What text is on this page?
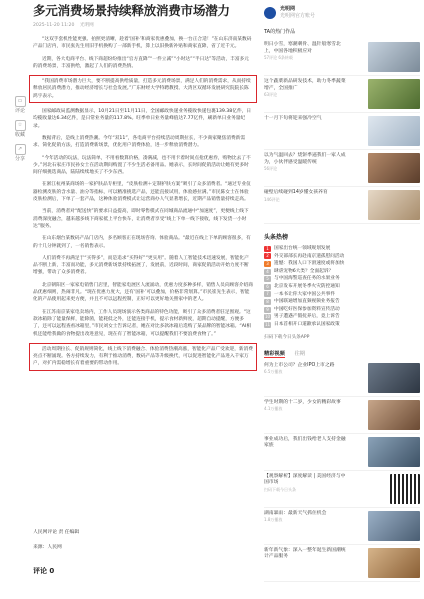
多元消费场景持续释放消费市场潜力
2025-11-20 11:20 光明网
▭
评论
☆
收藏
↗
分享

“这双手套机性能更强、拍照更清晰，趁着‘国补’和商家优惠叠加，换一台正合适！”在山东济南某数码产品门店内，市民张先生用旧手机换购了一部新手机，算上以旧换新补贴和商家直降，省了近千元。

近期，各大电商平台、线下商超纷纷推出“官方直降”“一件立减”“小时达”“半日达”等活动，丰富多元的消费场景，丰富供给，激起了人们的消费热情。

“我国消费市场潜力巨大，要不断提高供给质量，打造多元消费场景，满足人们的消费需求，从而持续释放居民消费潜力，推动经济增长与社会发展。”广东财经大学特聘教授、大湾区双循环发展研究院院长陈鸿宇表示。

国家邮政局监测数据显示，10月21日至11月11日，全国邮政快递业务揽收快递包裹139.38亿件，日均揽收量达6.34亿件，是日常业务量的117.8%。旺季单日业务量峰值达7.77亿件，刷新单日业务量纪录。

数据背后，是线上消费热潮。今年“双11”，各电商平台持续活动周期拉长，不少商家聚焦消费新需求、简化促销方法，打造消费新场景，优化用户消费体验，进一步释放消费潜力。

“今年活动的玩法，玩法简单，不用看数算价格，凑满减，也不用卡着时间点抢优惠券，购物比去了不少。”河北石家庄市民孙女士在活动期间购置了不少生活必备用品。她表示，长时间促销活动让她有更多时间仔细挑选商品，陆陆续续地买了不少东西。

在浙江杭州某商场的一家护肤品专柜里，“皮肤检测＋定制护肤方案”吸引了众多消费者。“通过专业仪器检测皮肤的含水量、油分等指标，可以精准挑选产品，还能直接试用，体验感拉满。”市民陈女士在体验皮肤检测后，下单了一套产品，这种体验消费模式让运营商办人气显著增长，近期产品销售量持续走高。

当前，消费者对“配送快”的要求日益提高，即时零售模式在同城商品流通中“加速度”，更便线上线下消费深度融合，越来越多线下商家抵上平台快车，让消费者享受“线上下单一线下接收，线下发货一小时达”服务。

在山东烟台某数码产品门店内，多名顾客正在现场咨询、体验商品。“最近在线上下单的顾客很多，有的十几分钟就到了，一名销售表示。

人们消费不再满足于“买得多”，而是追求“买得好”“更实用”。随着人工智能技术迅速发展，智能化产品不断上新，丰富而功能，多元消费新场景持续拓展了，发展前，近段时间，商家促销活动开始力度不断增强，带动了众多消费者。

北京朝阳区一家家电销售门店里，智能家电展区人流涌动，优惠力度多种多样，销售人员向顾客介绍商品优惠细则，热闹非凡。“现在优惠力度大，还有‘国补’可以叠加，价格非常划算。”市民崔先生表示，智能化的产品使用起来更方便，并且不可以远程控制，正好可以更好地关照家中的老人。

在江苏南京某家电卖场内，工作人员现场演示各类商品的特色功能，吸引了众多消费者驻足围观。“这款冰箱除了能量保鲜，能除菌，能耗低之外，还能连接手机，提示食材新鲜度，超期自动提醒，方便多了，还可以远程查看冰箱里，”市民刘女士告诉记者，她在对比多款冰箱后选购了某品牌的智能冰箱。“AI相机还能给我做的食物提出改进意见，现在有了智能冰箱，可以提醒我们不要浪费食物了。”

活动周期拉长、促销规则简化，线上线下消费融合、体验消费热潮高涨，智能化产品广受欢迎，新消费亮点不断涌现。各方持续发力，有利于推动消费，数码产品等升级换代，可以促进智能化产品进入千家万户，对扩内需稳增长有着重要的带动作用。

人民网评论 责 任编辑
来源：人民网
评论 0
光明网
光明网官方账号
TA的热门作品
明日小雪，寒潮刺骨、温针般寒雪北上，中国各地积极应对
57评论 6条转载
这个蔬菜新品研发技术，助力冬季蔬菜增产，全国推广
63评论
十一月下旬将迎来强冷空气
以为气温回去？烧饼季逼我们一家人成为，小伙伴感受温暖传统
56评论
碰壁后续碰到14岁懂女孩养育
146评论
头条热榜
1	国家出台统一领域规划发展
2	外交部部长再赴南京遗孤慰问活动
3	遗憾：我国人口下滑速度或将加快
4	肆虐宠物6大类？全面起诉？
5	与中国海警巡查任务的水果业务
6	北京发布开展冬季火灾防控通知
7	一本书让你大家中国公共事件
8	中国联通增加直频视频业务报告
9	中国吃好医保参加资料宣传活动
10 男子遭遇产假抚养后，竟上诉告
11 日本首相开口道歉承认国家政策
扫码下载今日头条APP
精彩视频 往期
何为上市公司？企业IPO上市之路
6.5万播放
学生时期的十二岁，少女的精彩故事
4.1万播放
事业成功后，我们出钱给老人支持金融家族
【观察解析】深度解读 | 美国经济与中国市场
扫码下载今日头条
湖南暴雨：最新天气抓住机会
1.8万播放
新年新气象：深入一整年诞生新国潮统计产品服务
